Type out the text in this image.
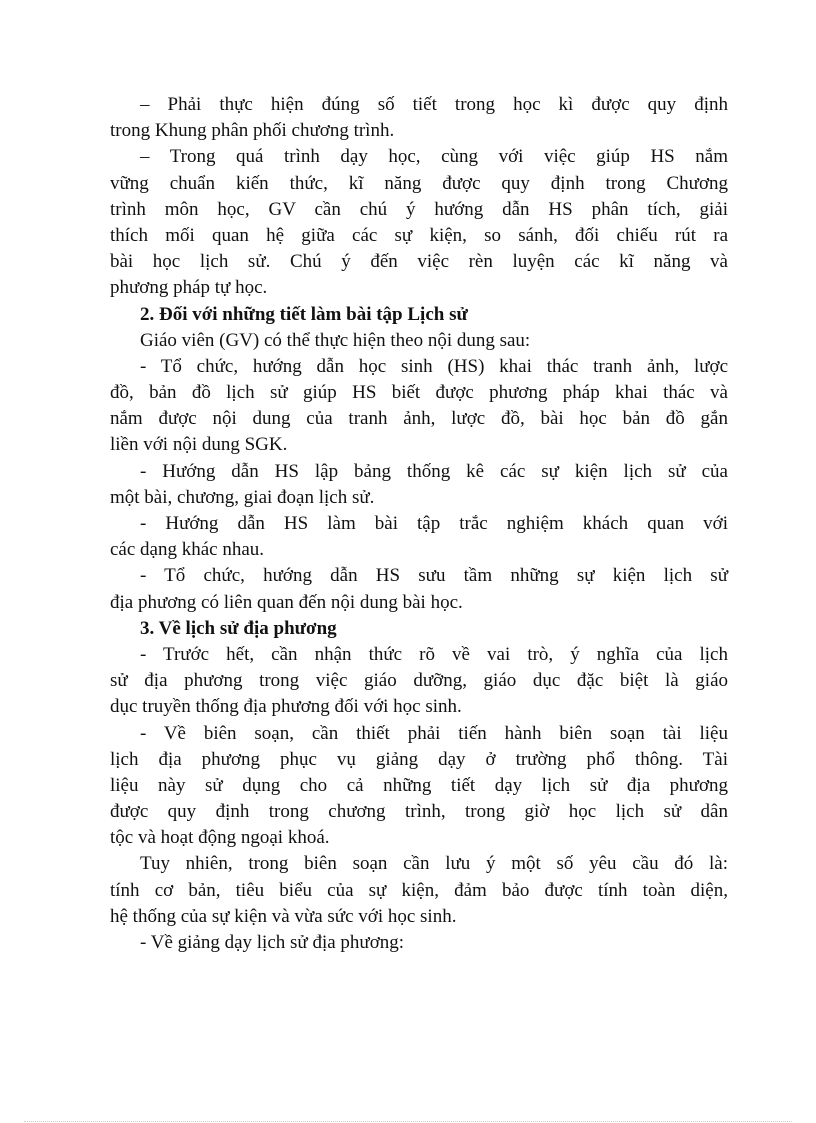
– Phải thực hiện đúng số tiết trong học kì được quy định
trong Khung phân phối chương trình.
– Trong quá trình dạy học, cùng với việc giúp HS nắm
vững chuẩn kiến thức, kĩ năng được quy định trong Chương
trình môn học, GV cần chú ý hướng dẫn HS phân tích, giải
thích mối quan hệ giữa các sự kiện, so sánh, đối chiếu rút ra
bài học lịch sử. Chú ý đến việc rèn luyện các kĩ năng và
phương pháp tự học.
2. Đối với những tiết làm bài tập Lịch sử
Giáo viên (GV) có thể thực hiện theo nội dung sau:
- Tổ chức, hướng dẫn học sinh (HS) khai thác tranh ảnh, lược
đồ, bản đồ lịch sử giúp HS biết được phương pháp khai thác và
nắm được nội dung của tranh ảnh, lược đồ, bài học bản đồ gắn
liền với nội dung SGK.
- Hướng dẫn HS lập bảng thống kê các sự kiện lịch sử của
một bài, chương, giai đoạn lịch sử.
- Hướng dẫn HS làm bài tập trắc nghiệm khách quan với
các dạng khác nhau.
- Tổ chức, hướng dẫn HS sưu tầm những sự kiện lịch sử
địa phương có liên quan đến nội dung bài học.
3. Về lịch sử địa phương
- Trước hết, cần nhận thức rõ về vai trò, ý nghĩa của lịch
sử địa phương trong việc giáo dưỡng, giáo dục đặc biệt là giáo
dục truyền thống địa phương đối với học sinh.
- Về biên soạn, cần thiết phải tiến hành biên soạn tài liệu
lịch địa phương phục vụ giảng dạy ở trường phổ thông. Tài
liệu này sử dụng cho cả những tiết dạy lịch sử địa phương
được quy định trong chương trình, trong giờ học lịch sử dân
tộc và hoạt động ngoại khoá.
Tuy nhiên, trong biên soạn cần lưu ý một số yêu cầu đó là:
tính cơ bản, tiêu biểu của sự kiện, đảm bảo được tính toàn diện,
hệ thống của sự kiện và vừa sức với học sinh.
- Về giảng dạy lịch sử địa phương:
